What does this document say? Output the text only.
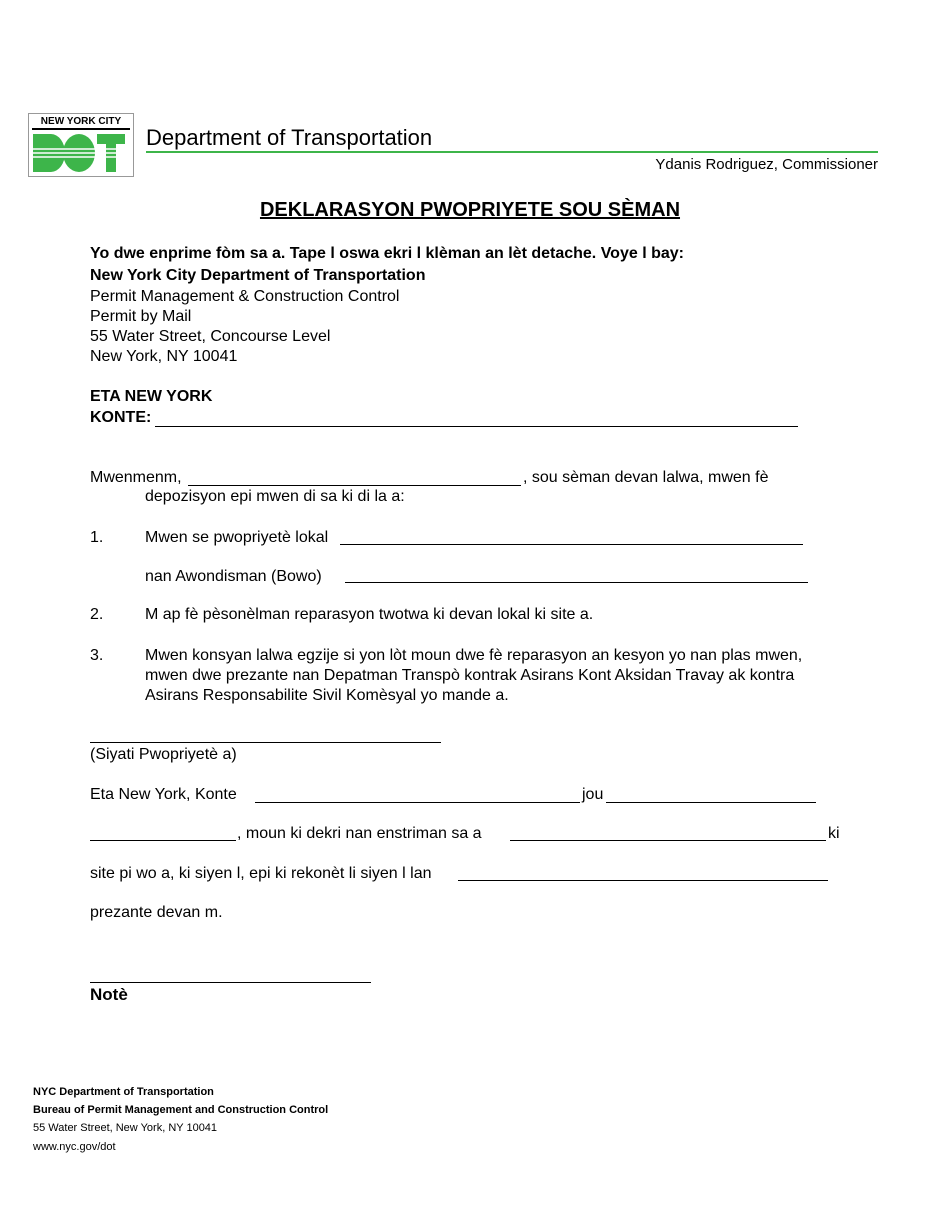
NEW YORK CITY
Department of Transportation
Ydanis Rodriguez, Commissioner
DEKLARASYON PWOPRIYETE SOU SÈMAN
Yo dwe enprime fòm sa a. Tape l oswa ekri l klèman an lèt detache. Voye l bay:
New York City Department of Transportation
Permit Management & Construction Control
Permit by Mail
55 Water Street, Concourse Level
New York, NY 10041
ETA NEW YORK
KONTE:
Mwenmenm,	, sou sèman devan lalwa, mwen fè
depozisyon epi mwen di sa ki di la a:
1.	Mwen se pwopriyetè lokal
nan Awondisman (Bowo)
2.	M ap fè pèsonèlman reparasyon twotwa ki devan lokal ki site a.
3.	Mwen konsyan lalwa egzije si yon lòt moun dwe fè reparasyon an kesyon yo nan plas mwen,
mwen dwe prezante nan Depatman Transpò kontrak Asirans Kont Aksidan Travay ak kontra
Asirans Responsabilite Sivil Komèsyal yo mande a.
(Siyati Pwopriyetè a)
Eta New York, Konte	jou
, moun ki dekri nan enstriman sa a	ki
site pi wo a, ki siyen l, epi ki rekonèt li siyen l lan
prezante devan m.
Notè
NYC Department of Transportation
Bureau of Permit Management and Construction Control
55 Water Street, New York, NY 10041
www.nyc.gov/dot
